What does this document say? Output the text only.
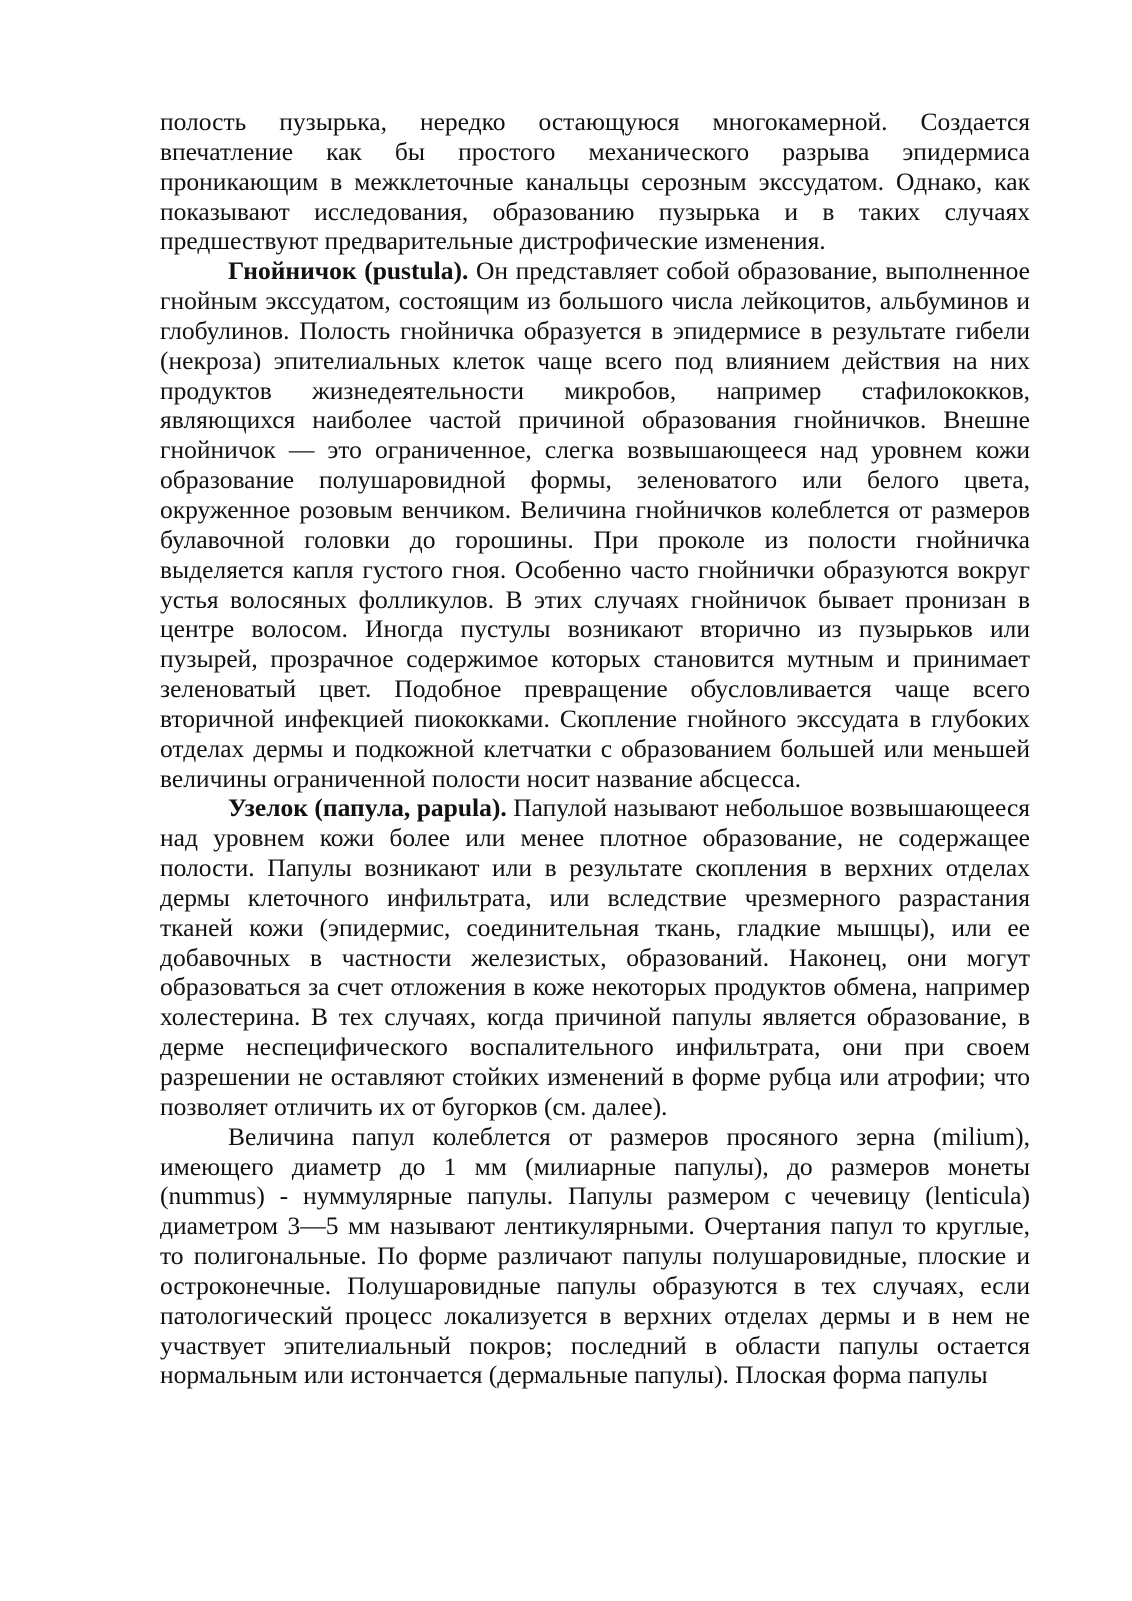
полость пузырька, нередко остающуюся многокамерной. Создается впечатление как бы простого механического разрыва эпидермиса проникающим в межклеточные канальцы серозным экссудатом. Однако, как показывают исследования, образованию пузырька и в таких случаях предшествуют предварительные дистрофические изменения.

Гнойничок (pustula). Он представляет собой образование, выполненное гнойным экссудатом, состоящим из большого числа лейкоцитов, альбуминов и глобулинов. Полость гнойничка образуется в эпидермисе в результате гибели (некроза) эпителиальных клеток чаще всего под влиянием действия на них продуктов жизнедеятельности микробов, например стафилококков, являющихся наиболее частой причиной образования гнойничков. Внешне гнойничок — это ограниченное, слегка возвышающееся над уровнем кожи образование полушаровидной формы, зеленоватого или белого цвета, окруженное розовым венчиком. Величина гнойничков колеблется от размеров булавочной головки до горошины. При проколе из полости гнойничка выделяется капля густого гноя. Особенно часто гнойнички образуются вокруг устья волосяных фолликулов. В этих случаях гнойничок бывает пронизан в центре волосом. Иногда пустулы возникают вторично из пузырьков или пузырей, прозрачное содержимое которых становится мутным и принимает зеленоватый цвет. Подобное превращение обусловливается чаще всего вторичной инфекцией пиококками. Скопление гнойного экссудата в глубоких отделах дермы и подкожной клетчатки с образованием большей или меньшей величины ограниченной полости носит название абсцесса.

Узелок (папула, papula). Папулой называют небольшое возвышающееся над уровнем кожи более или менее плотное образование, не содержащее полости. Папулы возникают или в результате скопления в верхних отделах дермы клеточного инфильтрата, или вследствие чрезмерного разрастания тканей кожи (эпидермис, соединительная ткань, гладкие мышцы), или ее добавочных в частности железистых, образований. Наконец, они могут образоваться за счет отложения в коже некоторых продуктов обмена, например холестерина. В тех случаях, когда причиной папулы является образование, в дерме неспецифического воспалительного инфильтрата, они при своем разрешении не оставляют стойких изменений в форме рубца или атрофии; что позволяет отличить их от бугорков (см. далее).

Величина папул колеблется от размеров просяного зерна (milium), имеющего диаметр до 1 мм (милиарные папулы), до размеров монеты (nummus) - нуммулярные папулы. Папулы размером с чечевицу (lenticula) диаметром 3—5 мм называют лентикулярными. Очертания папул то круглые, то полигональные. По форме различают папулы полушаровидные, плоские и остроконечные. Полушаровидные папулы образуются в тех случаях, если патологический процесс локализуется в верхних отделах дермы и в нем не участвует эпителиальный покров; последний в области папулы остается нормальным или истончается (дермальные папулы). Плоская форма папулы
